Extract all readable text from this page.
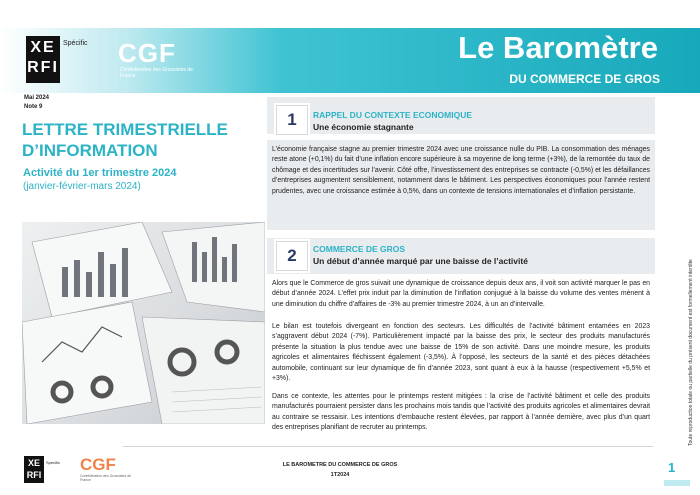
XE
RFI
Spécific CGF
Confédération des Grossistes de France
Le Baromètre
DU COMMERCE DE GROS
Mai 2024
Note 9
LETTRE TRIMESTRIELLE
D’INFORMATION
Activité du 1er trimestre 2024
(janvier-février-mars 2024)
1	RAPPEL DU CONTEXTE ECONOMIQUE
Une économie stagnante
L’économie française stagne au premier trimestre 2024 avec une croissance nulle du PIB. La consommation des ménages reste atone (+0,1%) du fait d’une inflation encore supérieure à sa moyenne de long terme (+3%), de la remontée du taux de chômage et des incertitudes sur l’avenir. Côté offre, l’investissement des entreprises se contracte (-0,5%) et les défaillances d’entreprises augmentent sensiblement, notamment dans le bâtiment. Les perspectives économiques pour l’année restent prudentes, avec une croissance estimée à 0,5%, dans un contexte de tensions internationales et d’inflation persistante.
2	COMMERCE DE GROS
Un début d’année marqué par une baisse de l’activité
Alors que le Commerce de gros suivait une dynamique de croissance depuis deux ans, il voit son activité marquer le pas en début d’année 2024. L’effet prix induit par la diminution de l’inflation conjugué à la baisse du volume des ventes mènent à une diminution du chiffre d’affaires de -3% au premier trimestre 2024, à un an d’intervalle.
Le bilan est toutefois divergeant en fonction des secteurs. Les difficultés de l’activité bâtiment entamées en 2023 s’aggravent début 2024 (-7%). Particulièrement impacté par la baisse des prix, le secteur des produits manufacturés présente la situation la plus tendue avec une baisse de 15% de son activité. Dans une moindre mesure, les produits agricoles et alimentaires fléchissent également (-3,5%). À l’opposé, les secteurs de la santé et des pièces détachées automobile, continuant sur leur dynamique de fin d’année 2023, sont quant à eux à la hausse (respectivement +5,5% et +3%).
Dans ce contexte, les attentes pour le printemps restent mitigées : la crise de l’activité bâtiment et celle des produits manufacturés pourraient persister dans les prochains mois tandis que l’activité des produits agricoles et alimentaires devrait au contraire se ressaisir. Les intentions d’embauche restent élevées, par rapport à l’année dernière, avec plus d’un quart des entreprises planifiant de recruter au printemps.	Toute reproduction totale ou partielle du présent document est formellement interdite
XE
RFI
Spécific CGF
Confédération des Grossistes de France
LE BAROMETRE DU COMMERCE DE GROS
1T2024	1
